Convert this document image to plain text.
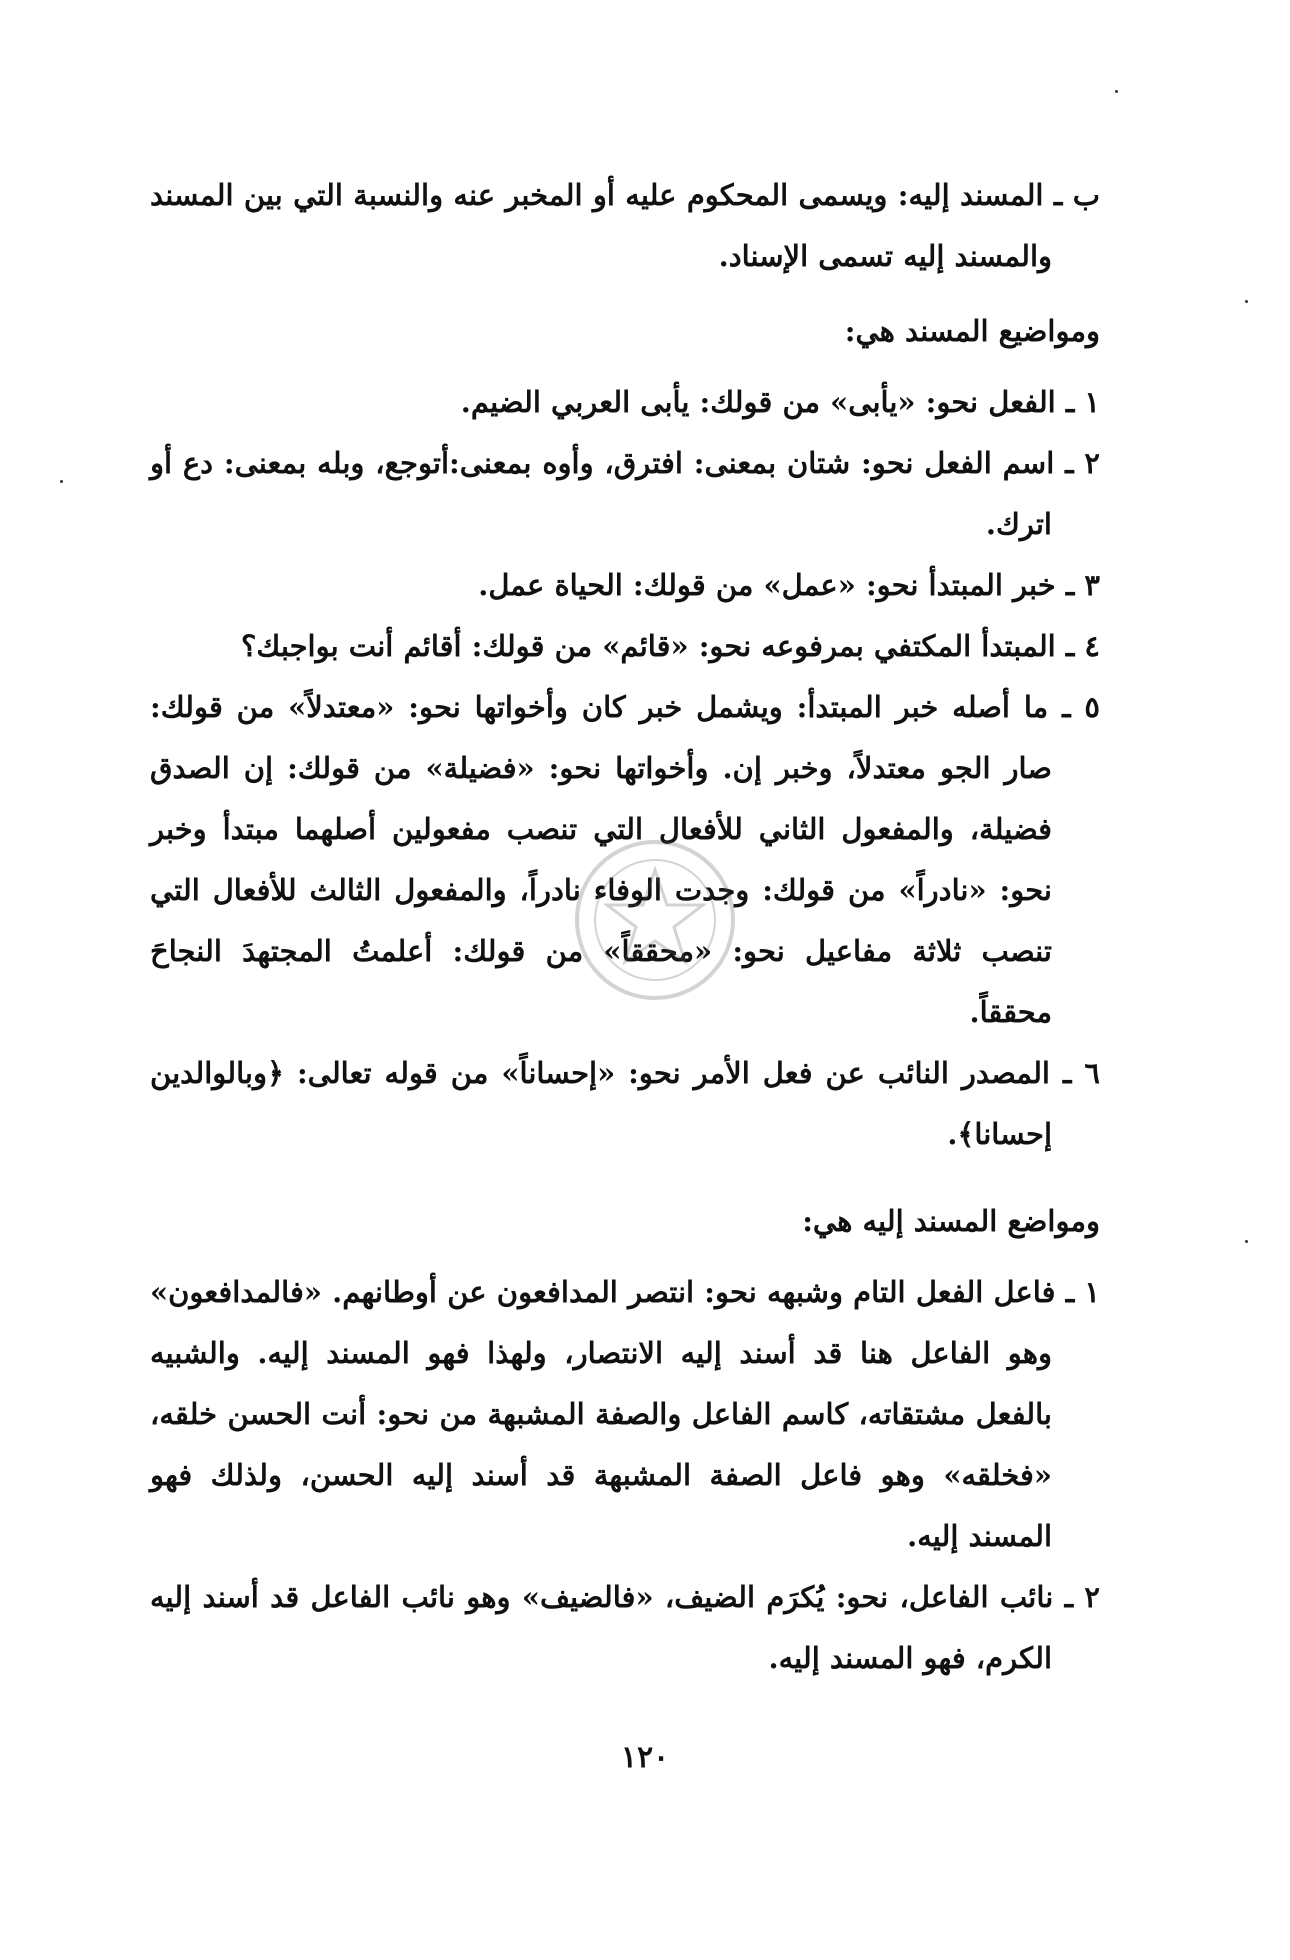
ب ـ المسند إليه: ويسمى المحكوم عليه أو المخبر عنه والنسبة التي بين المسند والمسند إليه تسمى الإسناد.

ومواضيع المسند هي:

١ ـ الفعل نحو: «يأبى» من قولك: يأبى العربي الضيم.

٢ ـ اسم الفعل نحو: شتان بمعنى: افترق، وأوه بمعنى:أتوجع، وبله بمعنى: دع أو اترك.

٣ ـ خبر المبتدأ نحو: «عمل» من قولك: الحياة عمل.

٤ ـ المبتدأ المكتفي بمرفوعه نحو: «قائم» من قولك: أقائم أنت بواجبك؟

٥ ـ ما أصله خبر المبتدأ: ويشمل خبر كان وأخواتها نحو: «معتدلاً» من قولك: صار الجو معتدلاً، وخبر إن. وأخواتها نحو: «فضيلة» من قولك: إن الصدق فضيلة، والمفعول الثاني للأفعال التي تنصب مفعولين أصلهما مبتدأ وخبر نحو: «نادراً» من قولك: وجدت الوفاء نادراً، والمفعول الثالث للأفعال التي تنصب ثلاثة مفاعيل نحو: «محققاً» من قولك: أعلمتُ المجتهدَ النجاحَ محققاً.

٦ ـ المصدر النائب عن فعل الأمر نحو: «إحساناً» من قوله تعالى: ﴿وبالوالدين إحسانا﴾.

ومواضع المسند إليه هي:

١ ـ فاعل الفعل التام وشبهه نحو: انتصر المدافعون عن أوطانهم. «فالمدافعون» وهو الفاعل هنا قد أسند إليه الانتصار، ولهذا فهو المسند إليه. والشبيه بالفعل مشتقاته، كاسم الفاعل والصفة المشبهة من نحو: أنت الحسن خلقه، «فخلقه» وهو فاعل الصفة المشبهة قد أسند إليه الحسن، ولذلك فهو المسند إليه.

٢ ـ نائب الفاعل، نحو: يُكرَم الضيف، «فالضيف» وهو نائب الفاعل قد أسند إليه الكرم، فهو المسند إليه.

١٢٠
